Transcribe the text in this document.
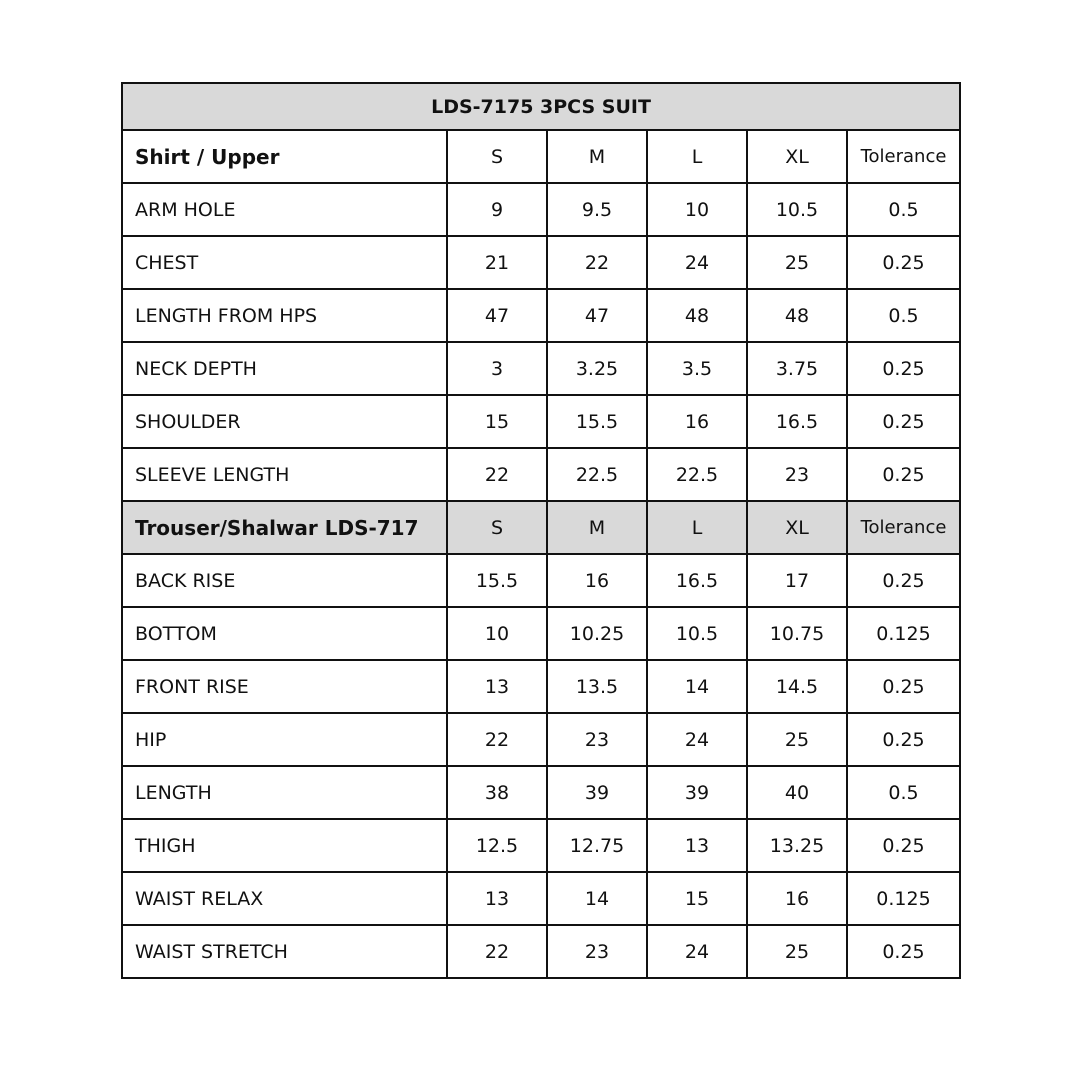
LDS-7175 3PCS SUIT					
Shirt / Upper	S	M	L	XL	Tolerance
ARM HOLE	9	9.5	10	10.5	0.5
CHEST	21	22	24	25	0.25
LENGTH FROM HPS	47	47	48	48	0.5
NECK DEPTH	3	3.25	3.5	3.75	0.25
SHOULDER	15	15.5	16	16.5	0.25
SLEEVE LENGTH	22	22.5	22.5	23	0.25
Trouser/Shalwar LDS-717	S	M	L	XL	Tolerance
BACK RISE	15.5	16	16.5	17	0.25
BOTTOM	10	10.25	10.5	10.75	0.125
FRONT RISE	13	13.5	14	14.5	0.25
HIP	22	23	24	25	0.25
LENGTH	38	39	39	40	0.5
THIGH	12.5	12.75	13	13.25	0.25
WAIST RELAX	13	14	15	16	0.125
WAIST STRETCH	22	23	24	25	0.25
